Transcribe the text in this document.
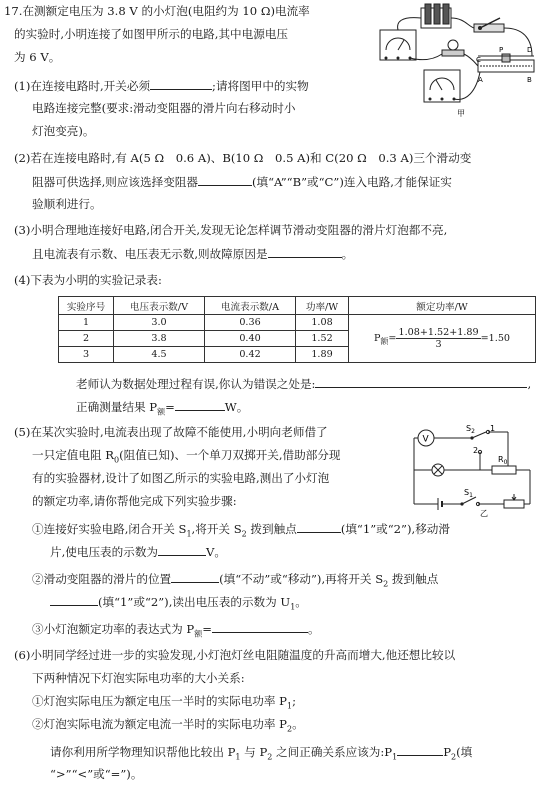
17.在测额定电压为 3.8 V 的小灯泡(电阻约为 10 Ω)电流率
的实验时,小明连接了如图甲所示的电路,其中电源电压
为 6 V。	C
D
P
A	B
甲
(1)在连接电路时,开关必须	;请将图甲中的实物
电路连接完整(要求:滑动变阻器的滑片向右移动时小
灯泡变亮)。
(2)若在连接电路时,有 A(5 Ω　0.6 A)、B(10 Ω　0.5 A)和 C(20 Ω　0.3 A)三个滑动变
阻器可供选择,则应该选择变阻器	(填“A”“B”或“C”)连入电路,才能保证实
验顺利进行。
(3)小明合理地连接好电路,闭合开关,发现无论怎样调节滑动变阻器的滑片灯泡都不亮,
且电流表有示数、电压表无示数,则故障原因是	。
(4)下表为小明的实验记录表:
实验序号	电压表示数/V	电流表示数/A	功率/W	额定功率/W
1	3.0	0.36	1.08	$P_额= \frac{1.08+1.52+1.89}{3} =1.50$
2	3.8	0.40	1.52	
3	4.5	0.42	1.89	
老师认为数据处理过程有误,你认为错误之处是:	,
正确测量结果 $P_额=$	W。
(5)在某次实验时,电流表出现了故障不能使用,小明向老师借了
一只定值电阻 $R_0$(阻值已知)、一个单刀双掷开关,借助部分现
有的实验器材,设计了如图乙所示的实验电路,测出了小灯泡
的额定功率,请你帮他完成下列实验步骤:
V
$S_2$ 1
2
$R_0$
$S_1$
乙
①连接好实验电路,闭合开关 $S_1$,将开关 $S_2$ 拨到触点	(填“1”或“2”),移动滑
片,使电压表的示数为	V。
②滑动变阻器的滑片的位置	(填“不动”或“移动”),再将开关 $S_2$ 拨到触点
(填“1”或“2”),读出电压表的示数为 $U_1$。
③小灯泡额定功率的表达式为 $P_额=$	。
(6)小明同学经过进一步的实验发现,小灯泡灯丝电阻随温度的升高而增大,他还想比较以
下两种情况下灯泡实际电功率的大小关系:
①灯泡实际电压为额定电压一半时的实际电功率 $P_1$;
②灯泡实际电流为额定电流一半时的实际电功率 $P_2$。
请你利用所学物理知识帮他比较出 $P_1$ 与 $P_2$ 之间正确关系应该为$:P_1$	$P_2$(填
“>”“<”或“=”)。
